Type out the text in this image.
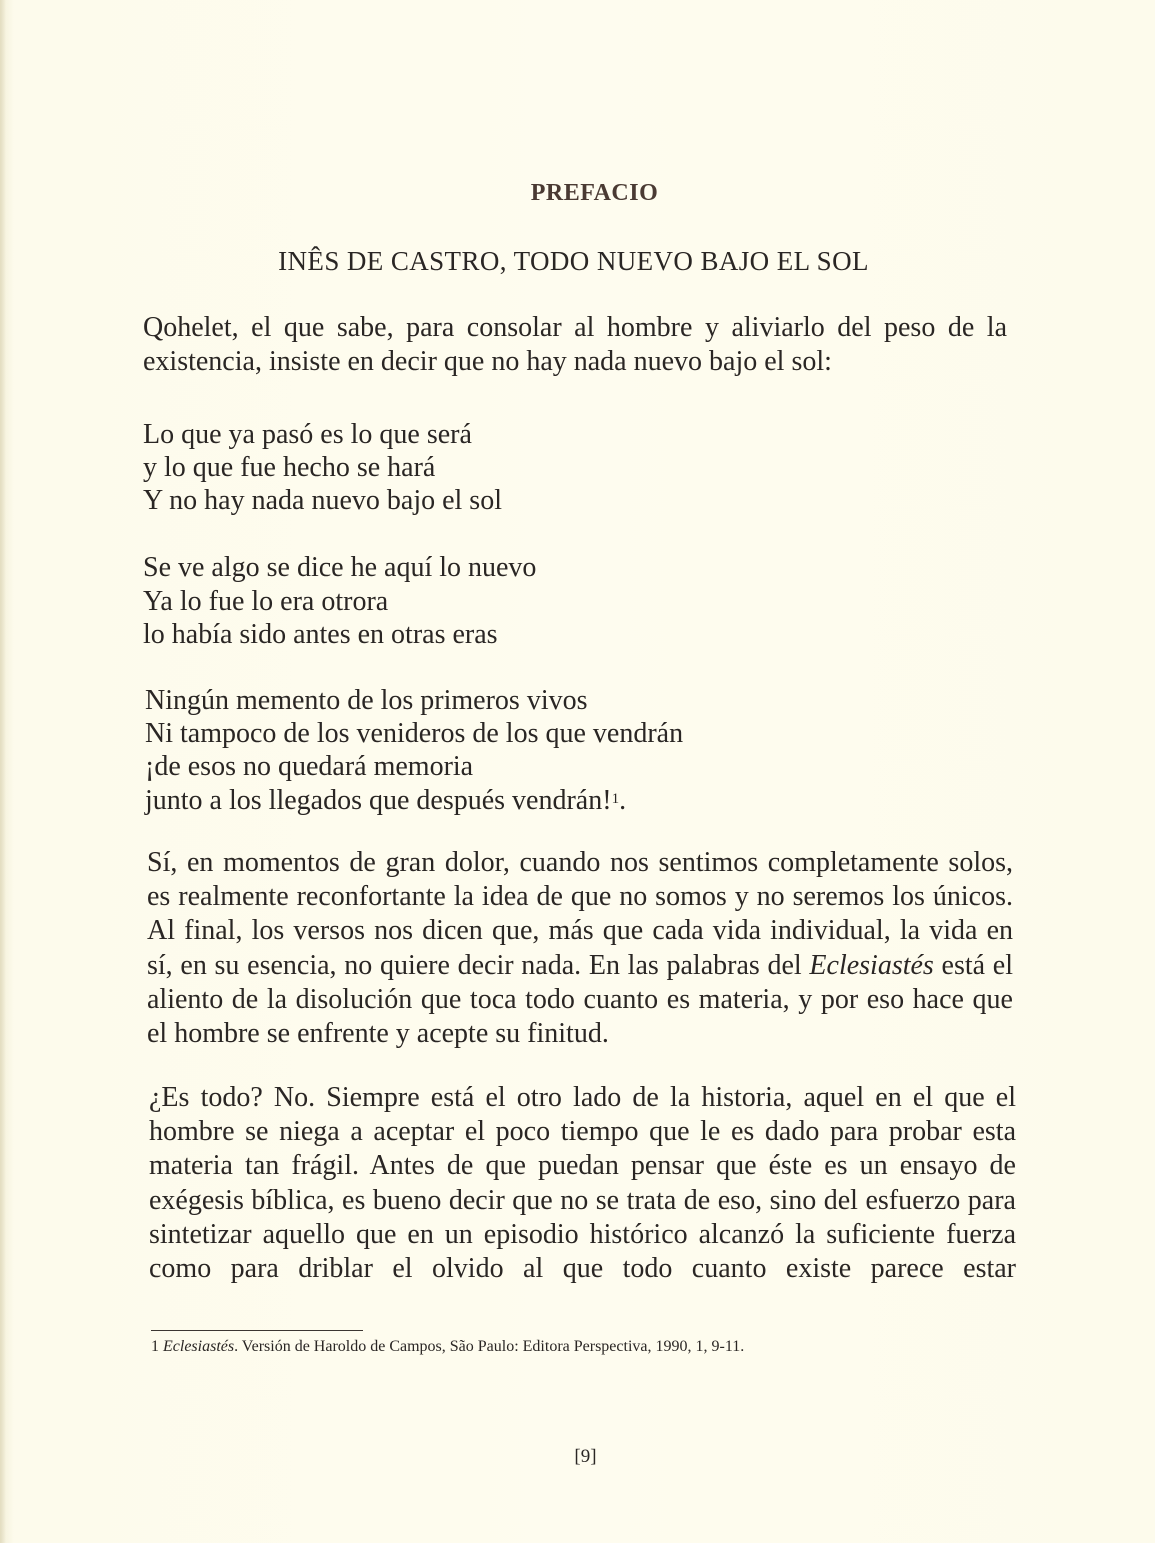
PREFACIO
INÊS DE CASTRO, TODO NUEVO BAJO EL SOL
Qohelet, el que sabe, para consolar al hombre y aliviarlo del peso de la existencia, insiste en decir que no hay nada nuevo bajo el sol:
Lo que ya pasó es lo que será
y lo que fue hecho se hará
Y no hay nada nuevo bajo el sol
Se ve algo se dice he aquí lo nuevo
Ya lo fue lo era otrora
lo había sido antes en otras eras
Ningún memento de los primeros vivos
Ni tampoco de los venideros de los que vendrán
¡de esos no quedará memoria
junto a los llegados que después vendrán!$^1$.
Sí, en momentos de gran dolor, cuando nos sentimos completamente solos, es realmente reconfortante la idea de que no somos y no seremos los únicos. Al final, los versos nos dicen que, más que cada vida individual, la vida en sí, en su esencia, no quiere decir nada. En las palabras del Eclesiastés está el aliento de la disolución que toca todo cuanto es materia, y por eso hace que el hombre se enfrente y acepte su finitud.
¿Es todo? No. Siempre está el otro lado de la historia, aquel en el que el hombre se niega a aceptar el poco tiempo que le es dado para probar esta materia tan frágil. Antes de que puedan pensar que éste es un ensayo de exégesis bíblica, es bueno decir que no se trata de eso, sino del esfuerzo para sintetizar aquello que en un episodio histórico alcanzó la suficiente fuerza como para driblar el olvido al que todo cuanto existe parece estar
1 Eclesiastés. Versión de Haroldo de Campos, São Paulo: Editora Perspectiva, 1990, 1, 9-11.
[9]
